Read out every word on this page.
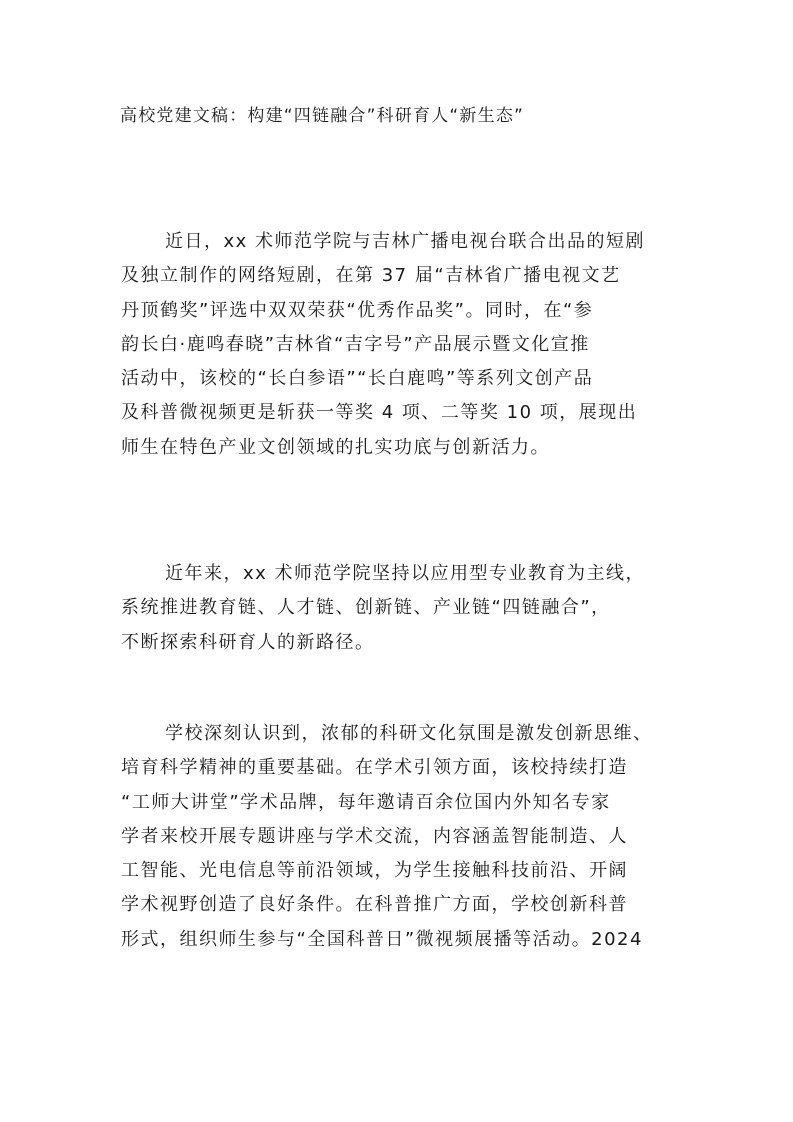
高校党建文稿：构建“四链融合”科研育人“新生态”
近日，xx 术师范学院与吉林广播电视台联合出品的短剧
及独立制作的网络短剧，在第 37 届“吉林省广播电视文艺
丹顶鹤奖”评选中双双荣获“优秀作品奖”。同时，在“参
韵长白·鹿鸣春晓”吉林省“吉字号”产品展示暨文化宣推
活动中，该校的“长白参语”“长白鹿鸣”等系列文创产品
及科普微视频更是斩获一等奖 4 项、二等奖 10 项，展现出
师生在特色产业文创领域的扎实功底与创新活力。
近年来，xx 术师范学院坚持以应用型专业教育为主线，
系统推进教育链、人才链、创新链、产业链“四链融合”，
不断探索科研育人的新路径。
学校深刻认识到，浓郁的科研文化氛围是激发创新思维、
培育科学精神的重要基础。在学术引领方面，该校持续打造
“工师大讲堂”学术品牌，每年邀请百余位国内外知名专家
学者来校开展专题讲座与学术交流，内容涵盖智能制造、人
工智能、光电信息等前沿领域，为学生接触科技前沿、开阔
学术视野创造了良好条件。在科普推广方面，学校创新科普
形式，组织师生参与“全国科普日”微视频展播等活动。2024
